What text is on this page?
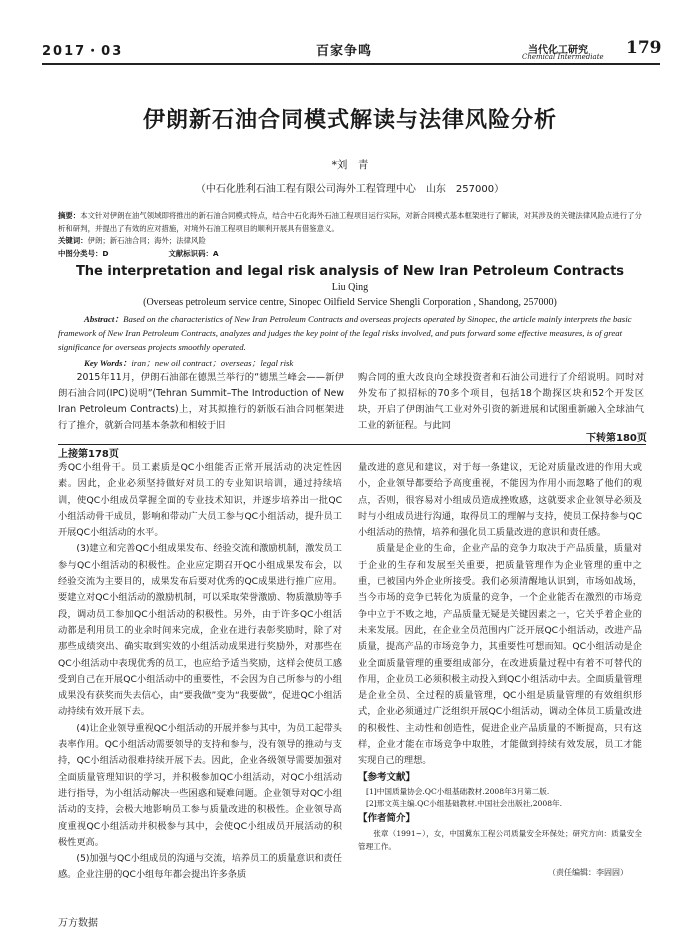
2017・03	百家争鸣	当代化工研究
Chemical Intermediate 179
伊朗新石油合同模式解读与法律风险分析
*刘　青
（中石化胜利石油工程有限公司海外工程管理中心　山东　257000）
摘要：本文针对伊朗在油气领域即将推出的新石油合同模式特点，结合中石化海外石油工程项目运行实际，对新合同模式基本框架进行了解读，对其涉及的关键法律风险点进行了分析和研判，并提出了有效的应对措施，对境外石油工程项目的顺利开展具有借鉴意义。
关键词：伊朗；新石油合同；海外；法律风险
中图分类号：D	文献标识码：A
The interpretation and legal risk analysis of New Iran Petroleum Contracts
Liu Qing
(Overseas petroleum service centre, Sinopec Oilfield Service Shengli Corporation , Shandong, 257000)
Abstract：Based on the characteristics of New Iran Petroleum Contracts and overseas projects operated by Sinopec, the article mainly interprets the basic framework of New Iran Petroleum Contracts, analyzes and judges the key point of the legal risks involved, and puts forward some effective measures, is of great significance for overseas projects smoothly operated.
Key Words：iran；new oil contract；overseas；legal risk
2015年11月，伊朗石油部在德黑兰举行的“德黑兰峰会——新伊朗石油合同(IPC)说明”(Tehran Summit–The Introduction of New Iran Petroleum Contracts)上，对其拟推行的新版石油合同框架进行了推介，就新合同基本条款和相较于旧
购合同的重大改良向全球投资者和石油公司进行了介绍说明。同时对外发布了拟招标的70多个项目，包括18个勘探区块和52个开发区块，开启了伊朗油气工业对外引资的新进展和试图重新融入全球油气工业的新征程。与此同
下转第180页
上接第178页

秀QC小组骨干。员工素质是QC小组能否正常开展活动的决定性因素。因此，企业必须坚持做好对员工的专业知识培训，通过持续培训，使QC小组成员掌握全面的专业技术知识，并逐步培养出一批QC小组活动骨干成员，影响和带动广大员工参与QC小组活动，提升员工开展QC小组活动的水平。

(3)建立和完善QC小组成果发布、经验交流和激励机制，激发员工参与QC小组活动的积极性。企业应定期召开QC小组成果发布会，以经验交流为主要目的，成果发布后要对优秀的QC成果进行推广应用。要建立对QC小组活动的激励机制，可以采取荣誉激励、物质激励等手段，调动员工参加QC小组活动的积极性。另外，由于许多QC小组活动都是利用员工的业余时间来完成，企业在进行表彰奖励时，除了对那些成绩突出、确实取到实效的小组活动成果进行奖励外，对那些在QC小组活动中表现优秀的员工，也应给予适当奖励，这样会使员工感受到自己在开展QC小组活动中的重要性，不会因为自己所参与的小组成果没有获奖而失去信心，由“要我做”变为“我要做”，促进QC小组活动持续有效开展下去。

(4)让企业领导重视QC小组活动的开展并参与其中，为员工起带头表率作用。QC小组活动需要领导的支持和参与，没有领导的推动与支持，QC小组活动很难持续开展下去。因此，企业各级领导需要加强对全面质量管理知识的学习，并积极参加QC小组活动，对QC小组活动进行指导，为小组活动解决一些困惑和疑难问题。企业领导对QC小组活动的支持，会极大地影响员工参与质量改进的积极性。企业领导高度重视QC小组活动并积极参与其中，会使QC小组成员开展活动的积极性更高。

(5)加强与QC小组成员的沟通与交流，培养员工的质量意识和责任感。企业注册的QC小组每年都会提出许多条质

量改进的意见和建议，对于每一条建议，无论对质量改进的作用大或小，企业领导都要给予高度重视，不能因为作用小而忽略了他们的观点，否则，很容易对小组成员造成挫败感，这就要求企业领导必须及时与小组成员进行沟通，取得员工的理解与支持，使员工保持参与QC小组活动的热情，培养和强化员工质量改进的意识和责任感。

质量是企业的生命，企业产品的竞争力取决于产品质量，质量对于企业的生存和发展至关重要，把质量管理作为企业管理的重中之重，已被国内外企业所接受。我们必须清醒地认识到，市场如战场，当今市场的竞争已转化为质量的竞争，一个企业能否在激烈的市场竞争中立于不败之地，产品质量无疑是关键因素之一，它关乎着企业的未来发展。因此，在企业全员范围内广泛开展QC小组活动，改进产品质量，提高产品的市场竞争力，其重要性可想而知。QC小组活动是企业全面质量管理的重要组成部分，在改进质量过程中有着不可替代的作用，企业员工必须积极主动投入到QC小组活动中去。全面质量管理是企业全员、全过程的质量管理，QC小组是质量管理的有效组织形式，企业必须通过广泛组织开展QC小组活动，调动全体员工质量改进的积极性、主动性和创造性，促进企业产品质量的不断提高，只有这样，企业才能在市场竞争中取胜，才能做到持续有效发展，员工才能实现自己的理想。

【参考文献】

[1]中国质量协会.QC小组基础教材.2008年3月第二版.

[2]邢文英主编.QC小组基础教材.中国社会出版社,2008年.

【作者简介】

张章（1991~），女，中国冀东工程公司质量安全环保处；研究方向：质量安全管理工作。

（责任编辑：李固固）
万方数据
